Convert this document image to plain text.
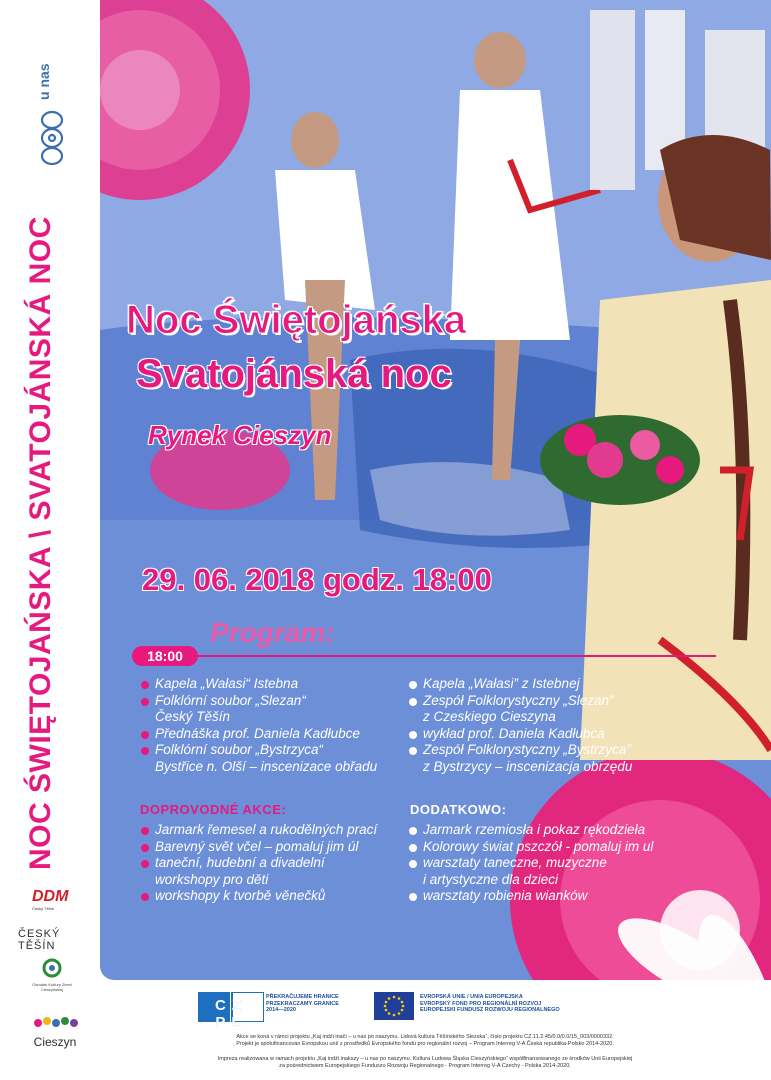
u nas
NOC ŚWIĘTOJAŃSKA \ SVATOJÁNSKÁ NOC
DDM
Český Těšín
ČESKÝ TĚŠÍN
Ośrodek Kultury Ziemi Cieszyńskiej
Cieszyn
Noc Świętojańska
Svatojánská noc
Rynek Cieszyn
29. 06. 2018 godz. 18:00
Program:
18:00
Kapela „Wałasi“ Istebna
Folklórní soubor „Slezan“
Český Těšín
Přednáška prof. Daniela Kadłubce
Folklórní soubor „Bystrzyca“
Bystřice n. Olší – inscenizace obřadu
Kapela „Wałasi” z Istebnej
Zespół Folklorystyczny „Slezan”
z Czeskiego Cieszyna
wykład prof. Daniela Kadłubca
Zespół Folklorystyczny „Bystrzyca”
z Bystrzycy – inscenizacja obrzędu
DOPROVODNÉ AKCE:	DODATKOWO:
Jarmark řemesel a rukodělných prací
Barevný svět včel – pomaluj jim úl
taneční, hudební a divadelní
workshopy pro děti
workshopy k tvorbě věnečků
Jarmark rzemiosła i pokaz rękodzieła
Kolorowy świat pszczół - pomaluj im ul
warsztaty taneczne, muzyczne
i artystyczne dla dzieci
warsztaty robienia wianków
CZ PL
PŘEKRAČUJEME HRANICE
PRZEKRACZAMY GRANICE
2014—2020
EVROPSKÁ UNIE / UNIA EUROPEJSKA
EVROPSKÝ FOND PRO REGIONÁLNÍ ROZVOJ
EUROPEJSKI FUNDUSZ ROZWOJU REGIONALNEGO
Akce se koná v rámci projektu „Kaj indźi inači – u nas po naszymu. Lidová kultura Těšínského Slezska“, číslo projektu CZ.11.2.45/0.0/0.0/15_003/0000332.
Projekt je spolufinancován Evropskou unií z prostředků Evropského fondu pro regionální rozvoj – Program Interreg V-A Česká republika-Polsko 2014-2020.
Impreza realizowana w ramach projektu „Kaj indźi inakszy – u nas po naszymu. Kultura Ludowa Śląska Cieszyńskiego” współfinansowanego ze środków Unii Europejskiej
za pośrednictwem Europejskiego Funduszu Rozwoju Regionalnego - Program Interreg V-A Czechy - Polska 2014-2020.
